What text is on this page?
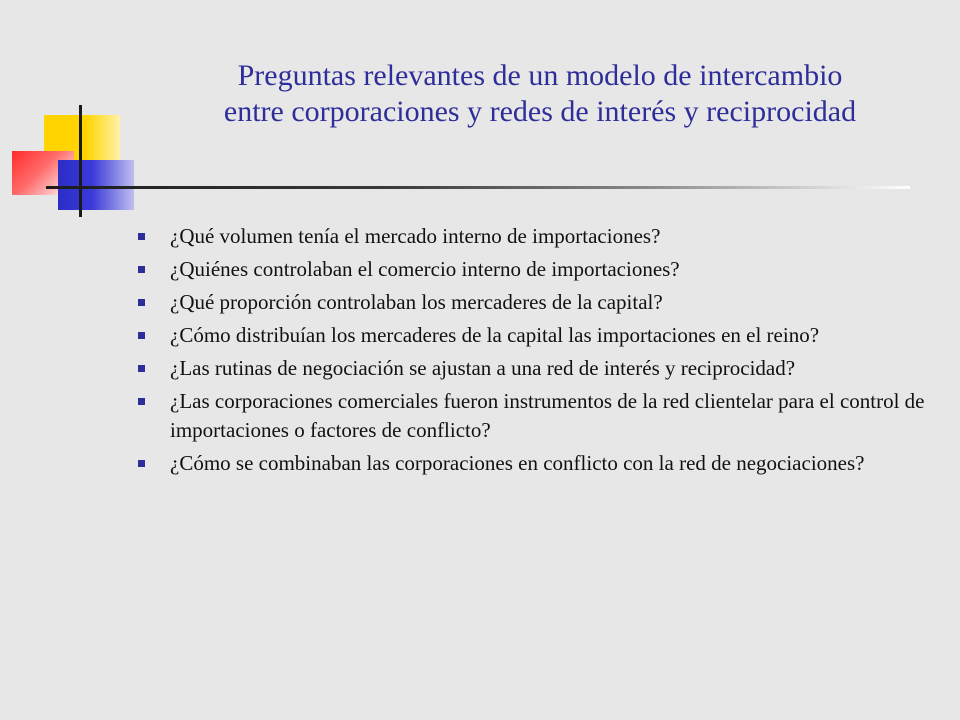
Preguntas relevantes de un modelo de intercambio
entre corporaciones y redes de interés y reciprocidad
¿Qué volumen tenía el mercado interno de importaciones?
¿Quiénes controlaban el comercio interno de importaciones?
¿Qué proporción controlaban los mercaderes de la capital?
¿Cómo distribuían los mercaderes de la capital las importaciones en el reino?
¿Las rutinas de negociación se ajustan a una red de interés y reciprocidad?
¿Las corporaciones comerciales fueron instrumentos de la red clientelar para el control de importaciones o factores de conflicto?
¿Cómo se combinaban las corporaciones en conflicto con la red de negociaciones?
